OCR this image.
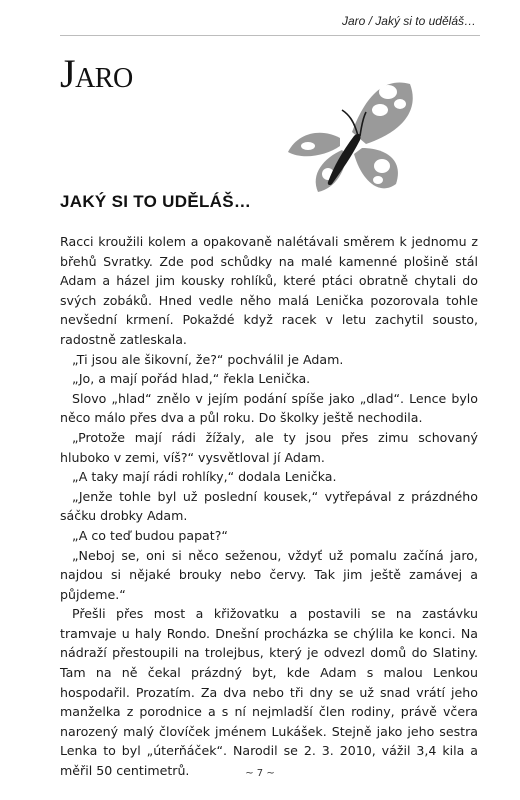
Jaro / Jaký si to uděláš…
Jaro
JAKÝ SI TO UDĚLÁŠ…

Racci kroužili kolem a opakovaně nalétávali směrem k jednomu z břehů Svratky. Zde pod schůdky na malé kamenné plošině stál Adam a házel jim kousky rohlíků, které ptáci obratně chytali do svých zobáků. Hned vedle něho malá Lenička pozorovala tohle nevšední krmení. Pokaždé když racek v letu zachytil sousto, radostně zatleskala.

„Ti jsou ale šikovní, že?“ pochválil je Adam.

„Jo, a mají pořád hlad,“ řekla Lenička.

Slovo „hlad“ znělo v jejím podání spíše jako „dlad“. Lence bylo něco málo přes dva a půl roku. Do školky ještě nechodila.

„Protože mají rádi žížaly, ale ty jsou přes zimu schovaný hluboko v zemi, víš?“ vysvětloval jí Adam.

„A taky mají rádi rohlíky,“ dodala Lenička.

„Jenže tohle byl už poslední kousek,“ vytřepával z prázdného sáčku drobky Adam.

„A co teď budou papat?“

„Neboj se, oni si něco seženou, vždyť už pomalu začíná jaro, najdou si nějaké brouky nebo červy. Tak jim ještě zamávej a půjdeme.“

Přešli přes most a křižovatku a postavili se na zastávku tramvaje u haly Rondo. Dnešní procházka se chýlila ke konci. Na nádraží přestoupili na trolejbus, který je odvezl domů do Slatiny. Tam na ně čekal prázdný byt, kde Adam s malou Lenkou hospodařil. Prozatím. Za dva nebo tři dny se už snad vrátí jeho manželka z porodnice a s ní nejmladší člen rodiny, právě včera narozený malý človíček jménem Lukášek. Stejně jako jeho sestra Lenka to byl „úterňáček“. Narodil se 2. 3. 2010, vážil 3,4 kila a měřil 50 centimetrů.	~ 7 ~
